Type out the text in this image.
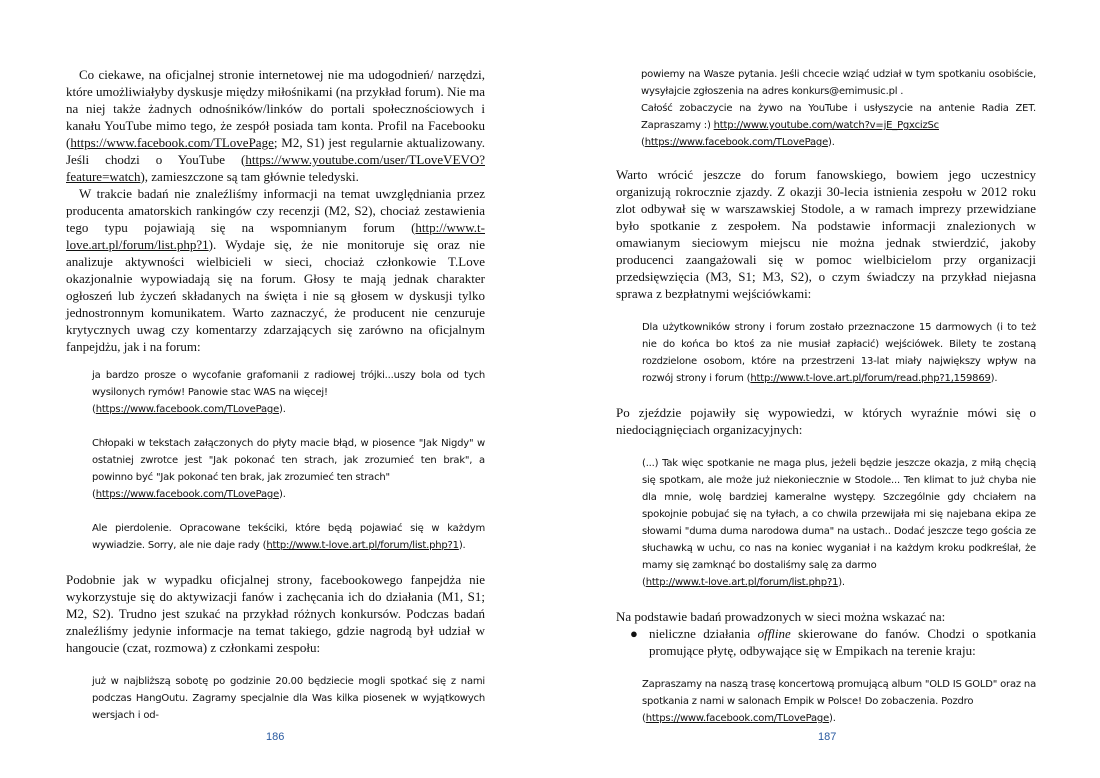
Co ciekawe, na oficjalnej stronie internetowej nie ma udogodnień/ narzędzi, które umożliwiałyby dyskusje między miłośnikami (na przykład forum). Nie ma na niej także żadnych odnośników/linków do portali społecznościowych i kanału YouTube mimo tego, że zespół posiada tam konta. Profil na Facebooku (https://www.facebook.com/TLovePage; M2, S1) jest regularnie aktualizowany. Jeśli chodzi o YouTube (https://www.youtube.com/user/TLoveVEVO?feature=watch), zamieszczone są tam głównie teledyski.

W trakcie badań nie znaleźliśmy informacji na temat uwzględniania przez producenta amatorskich rankingów czy recenzji (M2, S2), chociaż zestawienia tego typu pojawiają się na wspomnianym forum (http://www.t-love.art.pl/forum/list.php?1). Wydaje się, że nie monitoruje się oraz nie analizuje aktywności wielbicieli w sieci, chociaż członkowie T.Love okazjonalnie wypowiadają się na forum. Głosy te mają jednak charakter ogłoszeń lub życzeń składanych na święta i nie są głosem w dyskusji tylko jednostronnym komunikatem. Warto zaznaczyć, że producent nie cenzuruje krytycznych uwag czy komentarzy zdarzających się zarówno na oficjalnym fanpejdżu, jak i na forum:

ja bardzo prosze o wycofanie grafomanii z radiowej trójki...uszy bola od tych wysilonych rymów! Panowie stac WAS na więcej!
(https://www.facebook.com/TLovePage).

Chłopaki w tekstach załączonych do płyty macie błąd, w piosence "Jak Nigdy" w ostatniej zwrotce jest "Jak pokonać ten strach, jak zrozumieć ten brak", a powinno być "Jak pokonać ten brak, jak zrozumieć ten strach"
(https://www.facebook.com/TLovePage).

Ale pierdolenie. Opracowane tekściki, które będą pojawiać się w każdym wywiadzie. Sorry, ale nie daje rady (http://www.t-love.art.pl/forum/list.php?1).

Podobnie jak w wypadku oficjalnej strony, facebookowego fanpejdża nie wykorzystuje się do aktywizacji fanów i zachęcania ich do działania (M1, S1; M2, S2). Trudno jest szukać na przykład różnych konkursów. Podczas badań znaleźliśmy jedynie informacje na temat takiego, gdzie nagrodą był udział w hangoucie (czat, rozmowa) z członkami zespołu:

już w najbliższą sobotę po godzinie 20.00 będziecie mogli spotkać się z nami podczas HangOutu. Zagramy specjalnie dla Was kilka piosenek w wyjątkowych wersjach i od-

186

powiemy na Wasze pytania. Jeśli chcecie wziąć udział w tym spotkaniu osobiście, wysyłajcie zgłoszenia na adres konkurs@emimusic.pl .
Całość zobaczycie na żywo na YouTube i usłyszycie na antenie Radia ZET. Zapraszamy :) http://www.youtube.com/watch?v=jE_PgxcizSc
(https://www.facebook.com/TLovePage).

Warto wrócić jeszcze do forum fanowskiego, bowiem jego uczestnicy organizują rokrocznie zjazdy. Z okazji 30-lecia istnienia zespołu w 2012 roku zlot odbywał się w warszawskiej Stodole, a w ramach imprezy przewidziane było spotkanie z zespołem. Na podstawie informacji znalezionych w omawianym sieciowym miejscu nie można jednak stwierdzić, jakoby producenci zaangażowali się w pomoc wielbicielom przy organizacji przedsięwzięcia (M3, S1; M3, S2), o czym świadczy na przykład niejasna sprawa z bezpłatnymi wejściówkami:

Dla użytkowników strony i forum zostało przeznaczone 15 darmowych (i to też nie do końca bo ktoś za nie musiał zapłacić) wejściówek. Bilety te zostaną rozdzielone osobom, które na przestrzeni 13-lat miały największy wpływ na rozwój strony i forum (http://www.t-love.art.pl/forum/read.php?1,159869).

Po zjeździe pojawiły się wypowiedzi, w których wyraźnie mówi się o niedociągnięciach organizacyjnych:

(...) Tak więc spotkanie ne maga plus, jeżeli będzie jeszcze okazja, z miłą chęcią się spotkam, ale może już niekoniecznie w Stodole... Ten klimat to już chyba nie dla mnie, wolę bardziej kameralne występy. Szczególnie gdy chciałem na spokojnie pobujać się na tyłach, a co chwila przewijała mi się najebana ekipa ze słowami "duma duma narodowa duma" na ustach.. Dodać jeszcze tego gościa ze słuchawką w uchu, co nas na koniec wyganiał i na każdym kroku podkreślał, że mamy się zamknąć bo dostaliśmy salę za darmo
(http://www.t-love.art.pl/forum/list.php?1).

Na podstawie badań prowadzonych w sieci można wskazać na:

● nieliczne działania offline skierowane do fanów. Chodzi o spotkania promujące płytę, odbywające się w Empikach na terenie kraju:

Zapraszamy na naszą trasę koncertową promującą album "OLD IS GOLD" oraz na spotkania z nami w salonach Empik w Polsce! Do zobaczenia. Pozdro
(https://www.facebook.com/TLovePage).

187
